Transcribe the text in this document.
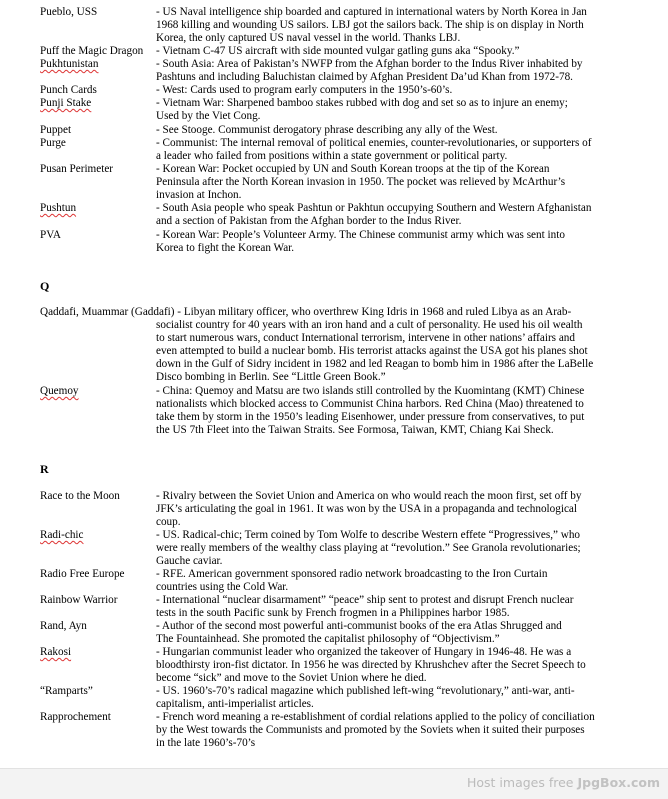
Pueblo, USS	- US Naval intelligence ship boarded and captured in international waters by North Korea in Jan
1968 killing and wounding US sailors. LBJ got the sailors back. The ship is on display in North
Korea, the only captured US naval vessel in the world. Thanks LBJ.
Puff the Magic Dragon	- Vietnam C-47 US aircraft with side mounted vulgar gatling guns aka “Spooky.”
Pukhtunistan	- South Asia: Area of Pakistan’s NWFP from the Afghan border to the Indus River inhabited by
Pashtuns and including Baluchistan claimed by Afghan President Da’ud Khan from 1972-78.
Punch Cards	- West: Cards used to program early computers in the 1950’s-60’s.
Punji Stake	- Vietnam War: Sharpened bamboo stakes rubbed with dog and set so as to injure an enemy;
Used by the Viet Cong.
Puppet	- See Stooge. Communist derogatory phrase describing any ally of the West.
Purge	- Communist: The internal removal of political enemies, counter-revolutionaries, or supporters of
a leader who failed from positions within a state government or political party.
Pusan Perimeter	- Korean War: Pocket occupied by UN and South Korean troops at the tip of the Korean
Peninsula after the North Korean invasion in 1950. The pocket was relieved by McArthur’s
invasion at Inchon.
Pushtun	- South Asia people who speak Pashtun or Pakhtun occupying Southern and Western Afghanistan
and a section of Pakistan from the Afghan border to the Indus River.
PVA	- Korean War: People’s Volunteer Army. The Chinese communist army which was sent into
Korea to fight the Korean War.
Q
Qaddafi, Muammar (Gaddafi) - Libyan military officer, who overthrew King Idris in 1968 and ruled Libya as an Arab-
socialist country for 40 years with an iron hand and a cult of personality. He used his oil wealth
to start numerous wars, conduct International terrorism, intervene in other nations’ affairs and
even attempted to build a nuclear bomb. His terrorist attacks against the USA got his planes shot
down in the Gulf of Sidry incident in 1982 and led Reagan to bomb him in 1986 after the LaBelle
Disco bombing in Berlin. See “Little Green Book.”
Quemoy	- China: Quemoy and Matsu are two islands still controlled by the Kuomintang (KMT) Chinese
nationalists which blocked access to Communist China harbors. Red China (Mao) threatened to
take them by storm in the 1950’s leading Eisenhower, under pressure from conservatives, to put
the US 7th Fleet into the Taiwan Straits. See Formosa, Taiwan, KMT, Chiang Kai Sheck.
R
Race to the Moon	- Rivalry between the Soviet Union and America on who would reach the moon first, set off by
JFK’s articulating the goal in 1961. It was won by the USA in a propaganda and technological
coup.
Radi-chic	- US. Radical-chic; Term coined by Tom Wolfe to describe Western effete “Progressives,” who
were really members of the wealthy class playing at “revolution.” See Granola revolutionaries;
Gauche caviar.
Radio Free Europe	- RFE. American government sponsored radio network broadcasting to the Iron Curtain
countries using the Cold War.
Rainbow Warrior	- International “nuclear disarmament” “peace” ship sent to protest and disrupt French nuclear
tests in the south Pacific sunk by French frogmen in a Philippines harbor 1985.
Rand, Ayn	- Author of the second most powerful anti-communist books of the era Atlas Shrugged and
The Fountainhead. She promoted the capitalist philosophy of “Objectivism.”
Rakosi	- Hungarian communist leader who organized the takeover of Hungary in 1946-48. He was a
bloodthirsty iron-fist dictator. In 1956 he was directed by Khrushchev after the Secret Speech to
become “sick” and move to the Soviet Union where he died.
“Ramparts”	- US. 1960’s-70’s radical magazine which published left-wing “revolutionary,” anti-war, anti-
capitalism, anti-imperialist articles.
Rapprochement	- French word meaning a re-establishment of cordial relations applied to the policy of conciliation
by the West towards the Communists and promoted by the Soviets when it suited their purposes
in the late 1960’s-70’s
Host images free JpgBox.com
